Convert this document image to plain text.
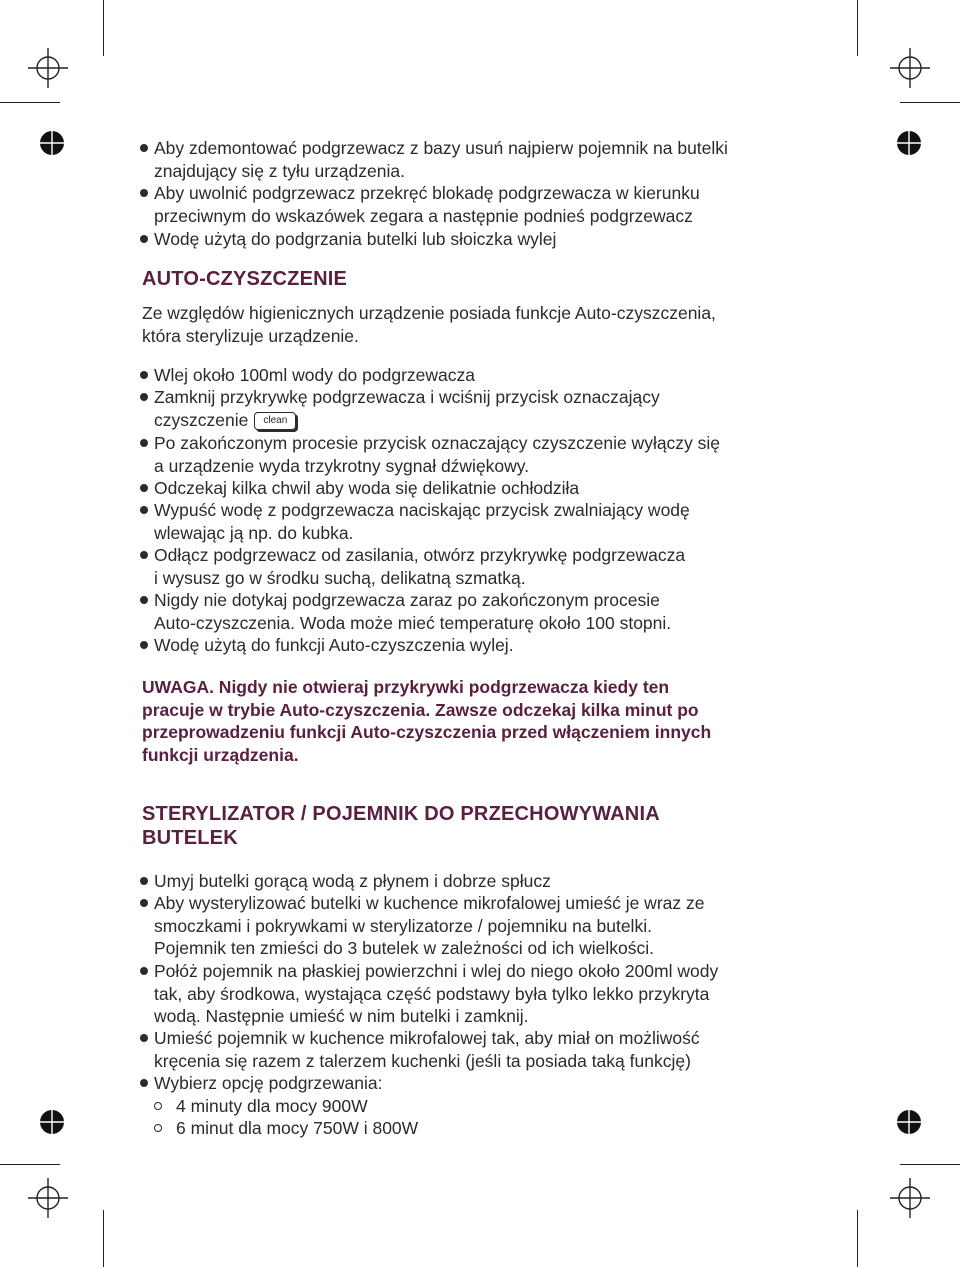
Aby zdemontować podgrzewacz z bazy usuń najpierw pojemnik na butelki
znajdujący się z tyłu urządzenia.
Aby uwolnić podgrzewacz przekręć blokadę podgrzewacza w kierunku
przeciwnym do wskazówek zegara a następnie podnieś podgrzewacz
Wodę użytą do podgrzania butelki lub słoiczka wylej
AUTO-CZYSZCZENIE
Ze względów higienicznych urządzenie posiada funkcje Auto-czyszczenia,
która sterylizuje urządzenie.
Wlej około 100ml wody do podgrzewacza
Zamknij przykrywkę podgrzewacza i wciśnij przycisk oznaczający
czyszczenie clean
Po zakończonym procesie przycisk oznaczający czyszczenie wyłączy się
a urządzenie wyda trzykrotny sygnał dźwiękowy.
Odczekaj kilka chwil aby woda się delikatnie ochłodziła
Wypuść wodę z podgrzewacza naciskając przycisk zwalniający wodę
wlewając ją np. do kubka.
Odłącz podgrzewacz od zasilania, otwórz przykrywkę podgrzewacza
i wysusz go w środku suchą, delikatną szmatką.
Nigdy nie dotykaj podgrzewacza zaraz po zakończonym procesie
Auto-czyszczenia. Woda może mieć temperaturę około 100 stopni.
Wodę użytą do funkcji Auto-czyszczenia wylej.
UWAGA. Nigdy nie otwieraj przykrywki podgrzewacza kiedy ten
pracuje w trybie Auto-czyszczenia. Zawsze odczekaj kilka minut po
przeprowadzeniu funkcji Auto-czyszczenia przed włączeniem innych
funkcji urządzenia.
STERYLIZATOR / POJEMNIK DO PRZECHOWYWANIA
BUTELEK
Umyj butelki gorącą wodą z płynem i dobrze spłucz
Aby wysterylizować butelki w kuchence mikrofalowej umieść je wraz ze
smoczkami i pokrywkami w sterylizatorze / pojemniku na butelki.
Pojemnik ten zmieści do 3 butelek w zależności od ich wielkości.
Połóż pojemnik na płaskiej powierzchni i wlej do niego około 200ml wody
tak, aby środkowa, wystająca część podstawy była tylko lekko przykryta
wodą. Następnie umieść w nim butelki i zamknij.
Umieść pojemnik w kuchence mikrofalowej tak, aby miał on możliwość
kręcenia się razem z talerzem kuchenki (jeśli ta posiada taką funkcję)
Wybierz opcję podgrzewania:
4 minuty dla mocy 900W
6 minut dla mocy 750W i 800W
